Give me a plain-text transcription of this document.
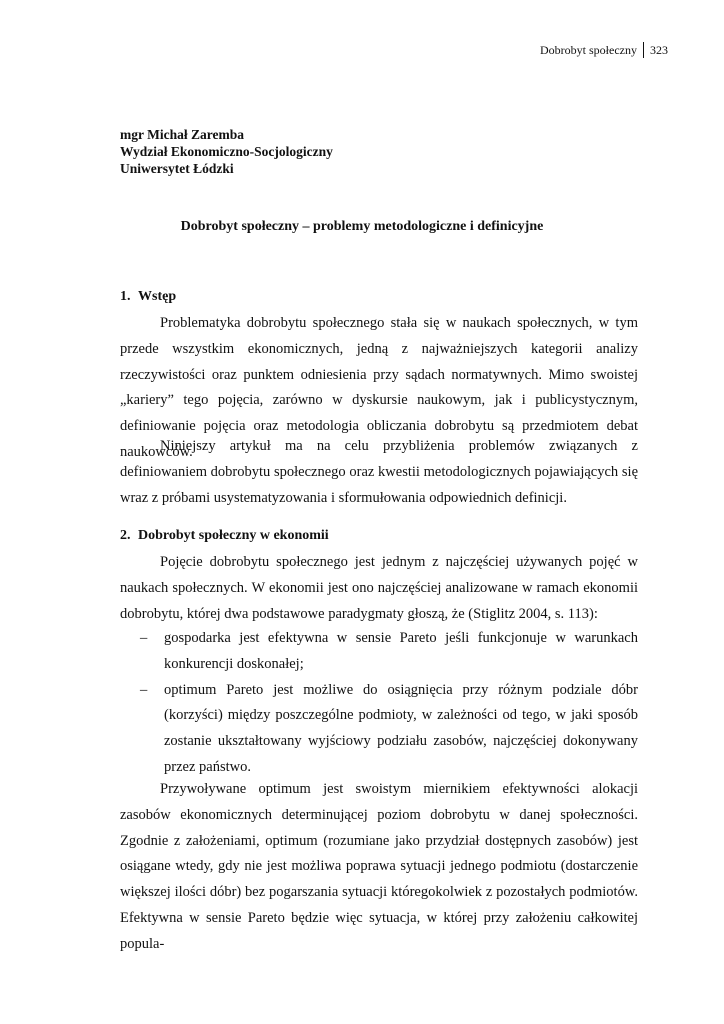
Dobrobyt społeczny	323
mgr Michał Zaremba
Wydział Ekonomiczno-Socjologiczny
Uniwersytet Łódzki
Dobrobyt społeczny – problemy metodologiczne i definicyjne
1. Wstęp

Problematyka dobrobytu społecznego stała się w naukach społecznych, w tym przede wszystkim ekonomicznych, jedną z najważniejszych kategorii analizy rzeczywistości oraz punktem odniesienia przy sądach normatywnych. Mimo swoistej „kariery” tego pojęcia, zarówno w dyskursie naukowym, jak i publicystycznym, definiowanie pojęcia oraz metodologia obliczania dobrobytu są przedmiotem debat naukowców.

Niniejszy artykuł ma na celu przybliżenia problemów związanych z definiowaniem dobrobytu społecznego oraz kwestii metodologicznych pojawiających się wraz z próbami usystematyzowania i sformułowania odpowiednich definicji.

2. Dobrobyt społeczny w ekonomii

Pojęcie dobrobytu społecznego jest jednym z najczęściej używanych pojęć w naukach społecznych. W ekonomii jest ono najczęściej analizowane w ramach ekonomii dobrobytu, której dwa podstawowe paradygmaty głoszą, że (Stiglitz 2004, s. 113):

– gospodarka jest efektywna w sensie Pareto jeśli funkcjonuje w warunkach konkurencji doskonałej;
– optimum Pareto jest możliwe do osiągnięcia przy różnym podziale dóbr (korzyści) między poszczególne podmioty, w zależności od tego, w jaki sposób zostanie ukształtowany wyjściowy podziału zasobów, najczęściej dokonywany przez państwo.

Przywoływane optimum jest swoistym miernikiem efektywności alokacji zasobów ekonomicznych determinującej poziom dobrobytu w danej społeczności. Zgodnie z założeniami, optimum (rozumiane jako przydział dostępnych zasobów) jest osiągane wtedy, gdy nie jest możliwa poprawa sytuacji jednego podmiotu (dostarczenie większej ilości dóbr) bez pogarszania sytuacji któregokolwiek z pozostałych podmiotów. Efektywna w sensie Pareto będzie więc sytuacja, w której przy założeniu całkowitej popula-
